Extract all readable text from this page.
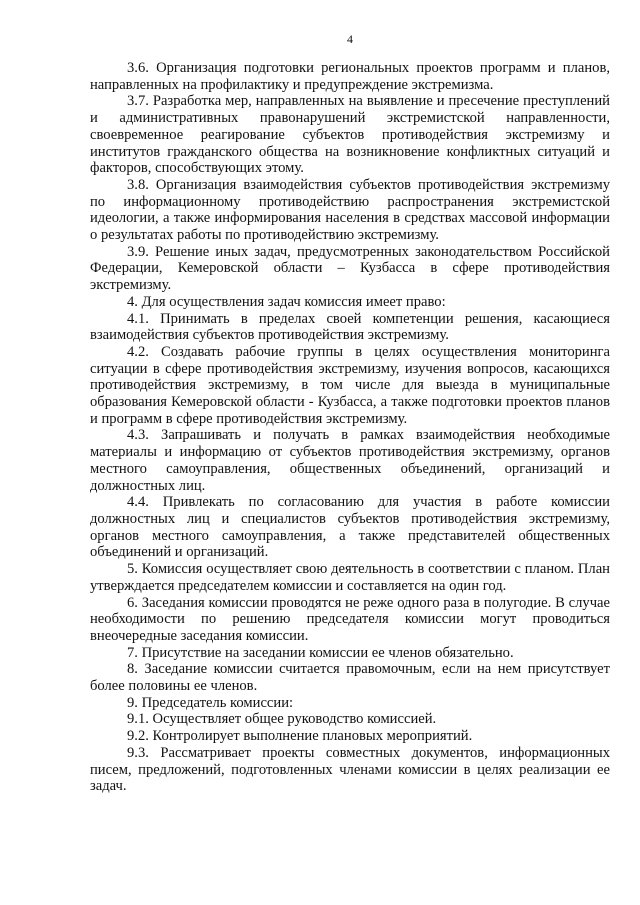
4

3.6. Организация подготовки региональных проектов программ и планов, направленных на профилактику и предупреждение экстремизма.

3.7. Разработка мер, направленных на выявление и пресечение преступлений и административных правонарушений экстремистской направленности, своевременное реагирование субъектов противодействия экстремизму и институтов гражданского общества на возникновение конфликтных ситуаций и факторов, способствующих этому.

3.8. Организация взаимодействия субъектов противодействия экстремизму по информационному противодействию распространения экстремистской идеологии, а также информирования населения в средствах массовой информации о результатах работы по противодействию экстремизму.

3.9. Решение иных задач, предусмотренных законодательством Российской Федерации, Кемеровской области – Кузбасса в сфере противодействия экстремизму.

4. Для осуществления задач комиссия имеет право:

4.1. Принимать в пределах своей компетенции решения, касающиеся взаимодействия субъектов противодействия экстремизму.

4.2. Создавать рабочие группы в целях осуществления мониторинга ситуации в сфере противодействия экстремизму, изучения вопросов, касающихся противодействия экстремизму, в том числе для выезда в муниципальные образования Кемеровской области - Кузбасса, а также подготовки проектов планов и программ в сфере противодействия экстремизму.

4.3. Запрашивать и получать в рамках взаимодействия необходимые материалы и информацию от субъектов противодействия экстремизму, органов местного самоуправления, общественных объединений, организаций и должностных лиц.

4.4. Привлекать по согласованию для участия в работе комиссии должностных лиц и специалистов субъектов противодействия экстремизму, органов местного самоуправления, а также представителей общественных объединений и организаций.

5. Комиссия осуществляет свою деятельность в соответствии с планом. План утверждается председателем комиссии и составляется на один год.

6. Заседания комиссии проводятся не реже одного раза в полугодие. В случае необходимости по решению председателя комиссии могут проводиться внеочередные заседания комиссии.

7. Присутствие на заседании комиссии ее членов обязательно.

8. Заседание комиссии считается правомочным, если на нем присутствует более половины ее членов.

9. Председатель комиссии:

9.1. Осуществляет общее руководство комиссией.

9.2. Контролирует выполнение плановых мероприятий.

9.3. Рассматривает проекты совместных документов, информационных писем, предложений, подготовленных членами комиссии в целях реализации ее задач.
